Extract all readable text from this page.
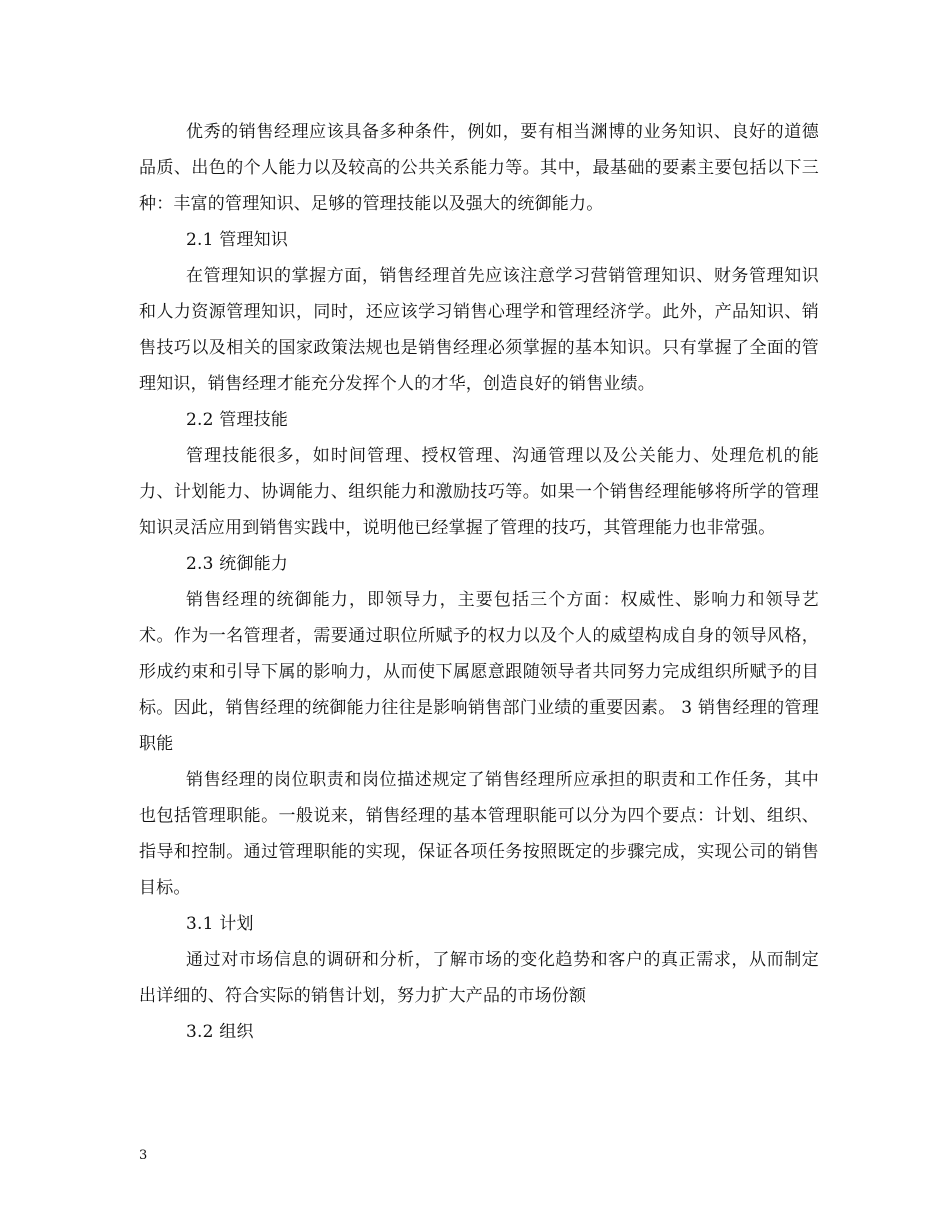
优秀的销售经理应该具备多种条件，例如，要有相当渊博的业务知识、良好的道德品质、出色的个人能力以及较高的公共关系能力等。其中，最基础的要素主要包括以下三种：丰富的管理知识、足够的管理技能以及强大的统御能力。

2.1 管理知识

在管理知识的掌握方面，销售经理首先应该注意学习营销管理知识、财务管理知识和人力资源管理知识，同时，还应该学习销售心理学和管理经济学。此外，产品知识、销售技巧以及相关的国家政策法规也是销售经理必须掌握的基本知识。只有掌握了全面的管理知识，销售经理才能充分发挥个人的才华，创造良好的销售业绩。

2.2 管理技能

管理技能很多，如时间管理、授权管理、沟通管理以及公关能力、处理危机的能力、计划能力、协调能力、组织能力和激励技巧等。如果一个销售经理能够将所学的管理知识灵活应用到销售实践中，说明他已经掌握了管理的技巧，其管理能力也非常强。

2.3 统御能力

销售经理的统御能力，即领导力，主要包括三个方面：权威性、影响力和领导艺术。作为一名管理者，需要通过职位所赋予的权力以及个人的威望构成自身的领导风格，形成约束和引导下属的影响力，从而使下属愿意跟随领导者共同努力完成组织所赋予的目标。因此，销售经理的统御能力往往是影响销售部门业绩的重要因素。 3 销售经理的管理职能

销售经理的岗位职责和岗位描述规定了销售经理所应承担的职责和工作任务，其中也包括管理职能。一般说来，销售经理的基本管理职能可以分为四个要点：计划、组织、指导和控制。通过管理职能的实现，保证各项任务按照既定的步骤完成，实现公司的销售目标。

3.1 计划

通过对市场信息的调研和分析，了解市场的变化趋势和客户的真正需求，从而制定出详细的、符合实际的销售计划，努力扩大产品的市场份额

3.2 组织

3
